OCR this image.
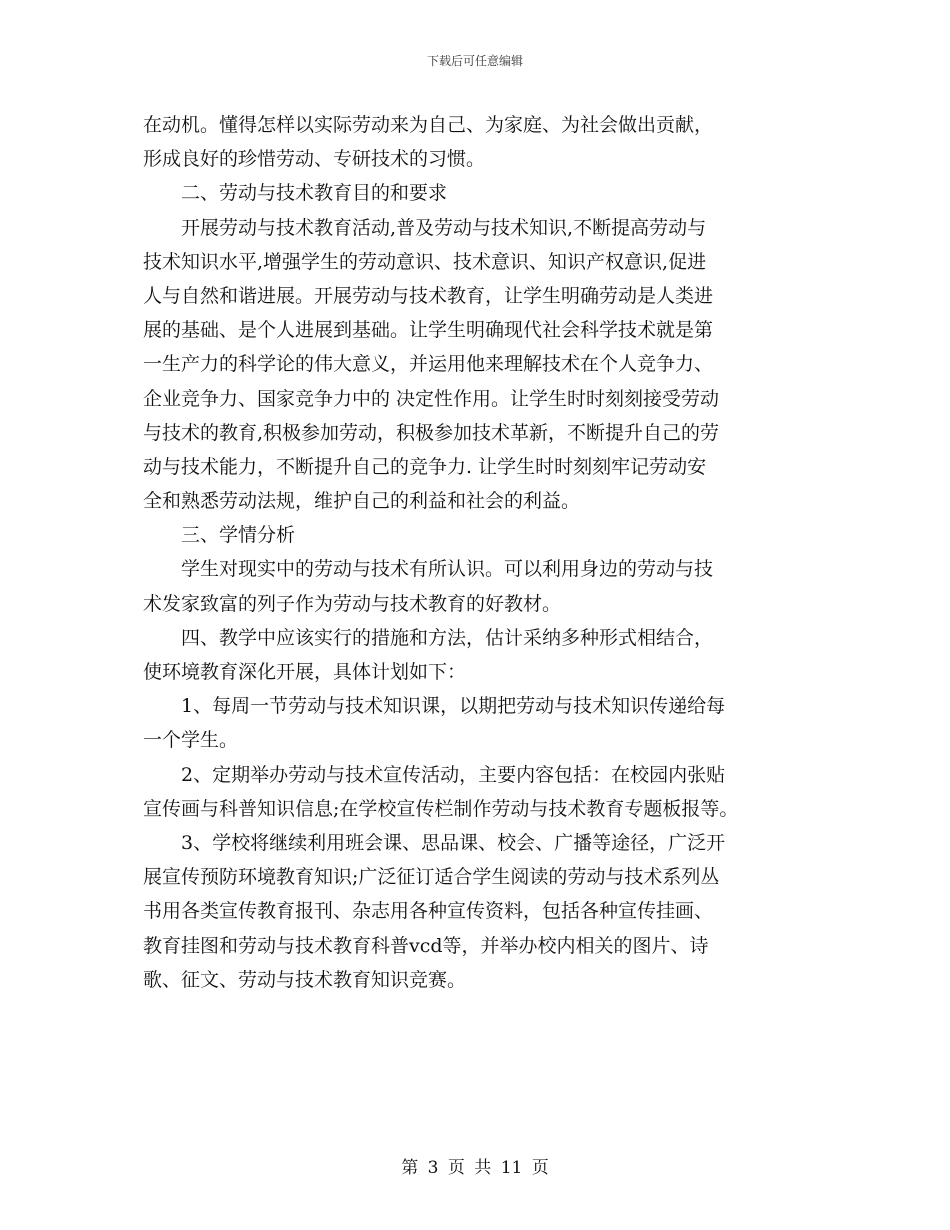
下载后可任意编辑
在动机。懂得怎样以实际劳动来为自己、为家庭、为社会做出贡献，
形成良好的珍惜劳动、专研技术的习惯。
　　二、劳动与技术教育目的和要求
　　开展劳动与技术教育活动,普及劳动与技术知识,不断提高劳动与
技术知识水平,增强学生的劳动意识、技术意识、知识产权意识,促进
人与自然和谐进展。开展劳动与技术教育，让学生明确劳动是人类进
展的基础、是个人进展到基础。让学生明确现代社会科学技术就是第
一生产力的科学论的伟大意义，并运用他来理解技术在个人竞争力、
企业竞争力、国家竞争力中的 决定性作用。让学生时时刻刻接受劳动
与技术的教育,积极参加劳动，积极参加技术革新，不断提升自己的劳
动与技术能力，不断提升自己的竞争力. 让学生时时刻刻牢记劳动安
全和熟悉劳动法规，维护自己的利益和社会的利益。
　　三、学情分析
　　学生对现实中的劳动与技术有所认识。可以利用身边的劳动与技
术发家致富的列子作为劳动与技术教育的好教材。
　　四、教学中应该实行的措施和方法，估计采纳多种形式相结合，
使环境教育深化开展，具体计划如下：
　　1、每周一节劳动与技术知识课，以期把劳动与技术知识传递给每
一个学生。
　　2、定期举办劳动与技术宣传活动，主要内容包括：在校园内张贴
宣传画与科普知识信息;在学校宣传栏制作劳动与技术教育专题板报等。
　　3、学校将继续利用班会课、思品课、校会、广播等途径，广泛开
展宣传预防环境教育知识;广泛征订适合学生阅读的劳动与技术系列丛
书用各类宣传教育报刊、杂志用各种宣传资料，包括各种宣传挂画、
教育挂图和劳动与技术教育科普vcd等，并举办校内相关的图片、诗
歌、征文、劳动与技术教育知识竞赛。
第 3 页 共 11 页
